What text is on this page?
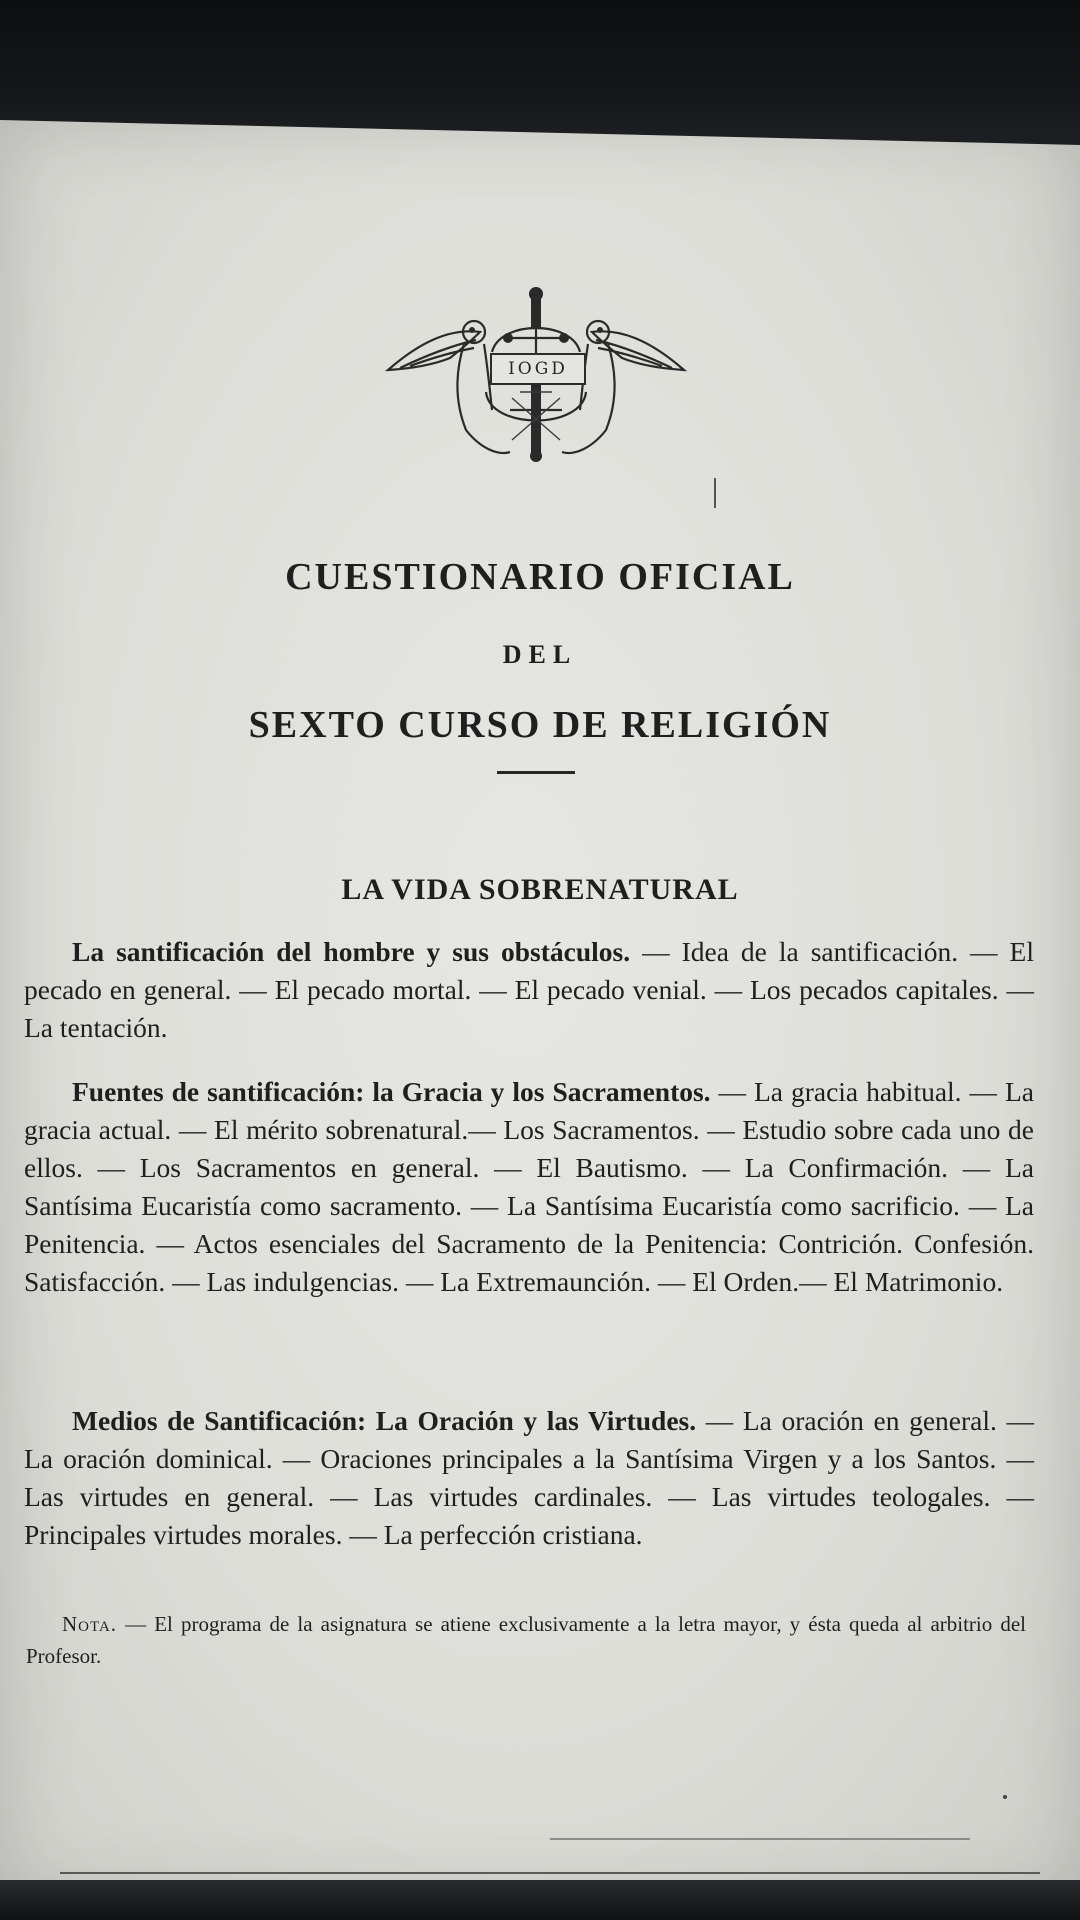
IOGD
CUESTIONARIO OFICIAL
DEL
SEXTO CURSO DE RELIGIÓN
LA VIDA SOBRENATURAL

La santificación del hombre y sus obstáculos. — Idea de la santificación. — El pecado en general. — El pecado mortal. — El pecado venial. — Los pecados capitales. — La tentación.

Fuentes de santificación: la Gracia y los Sacramentos. — La gracia habitual. — La gracia actual. — El mérito sobrenatural.— Los Sacramentos. — Estudio sobre cada uno de ellos. — Los Sacramentos en general. — El Bautismo. — La Confirmación. — La Santísima Eucaristía como sacramento. — La Santísima Eucaristía como sacrificio. — La Penitencia. — Actos esenciales del Sacramento de la Penitencia: Contrición. Confesión. Satisfacción. — Las indulgencias. — La Extremaunción. — El Orden.— El Matrimonio.

Medios de Santificación: La Oración y las Virtudes. — La oración en general. — La oración dominical. — Oraciones principales a la Santísima Virgen y a los Santos. — Las virtudes en general. — Las virtudes cardinales. — Las virtudes teologales. — Principales virtudes morales. — La perfección cristiana.

Nota. — El programa de la asignatura se atiene exclusivamente a la letra mayor, y ésta queda al arbitrio del Profesor.
